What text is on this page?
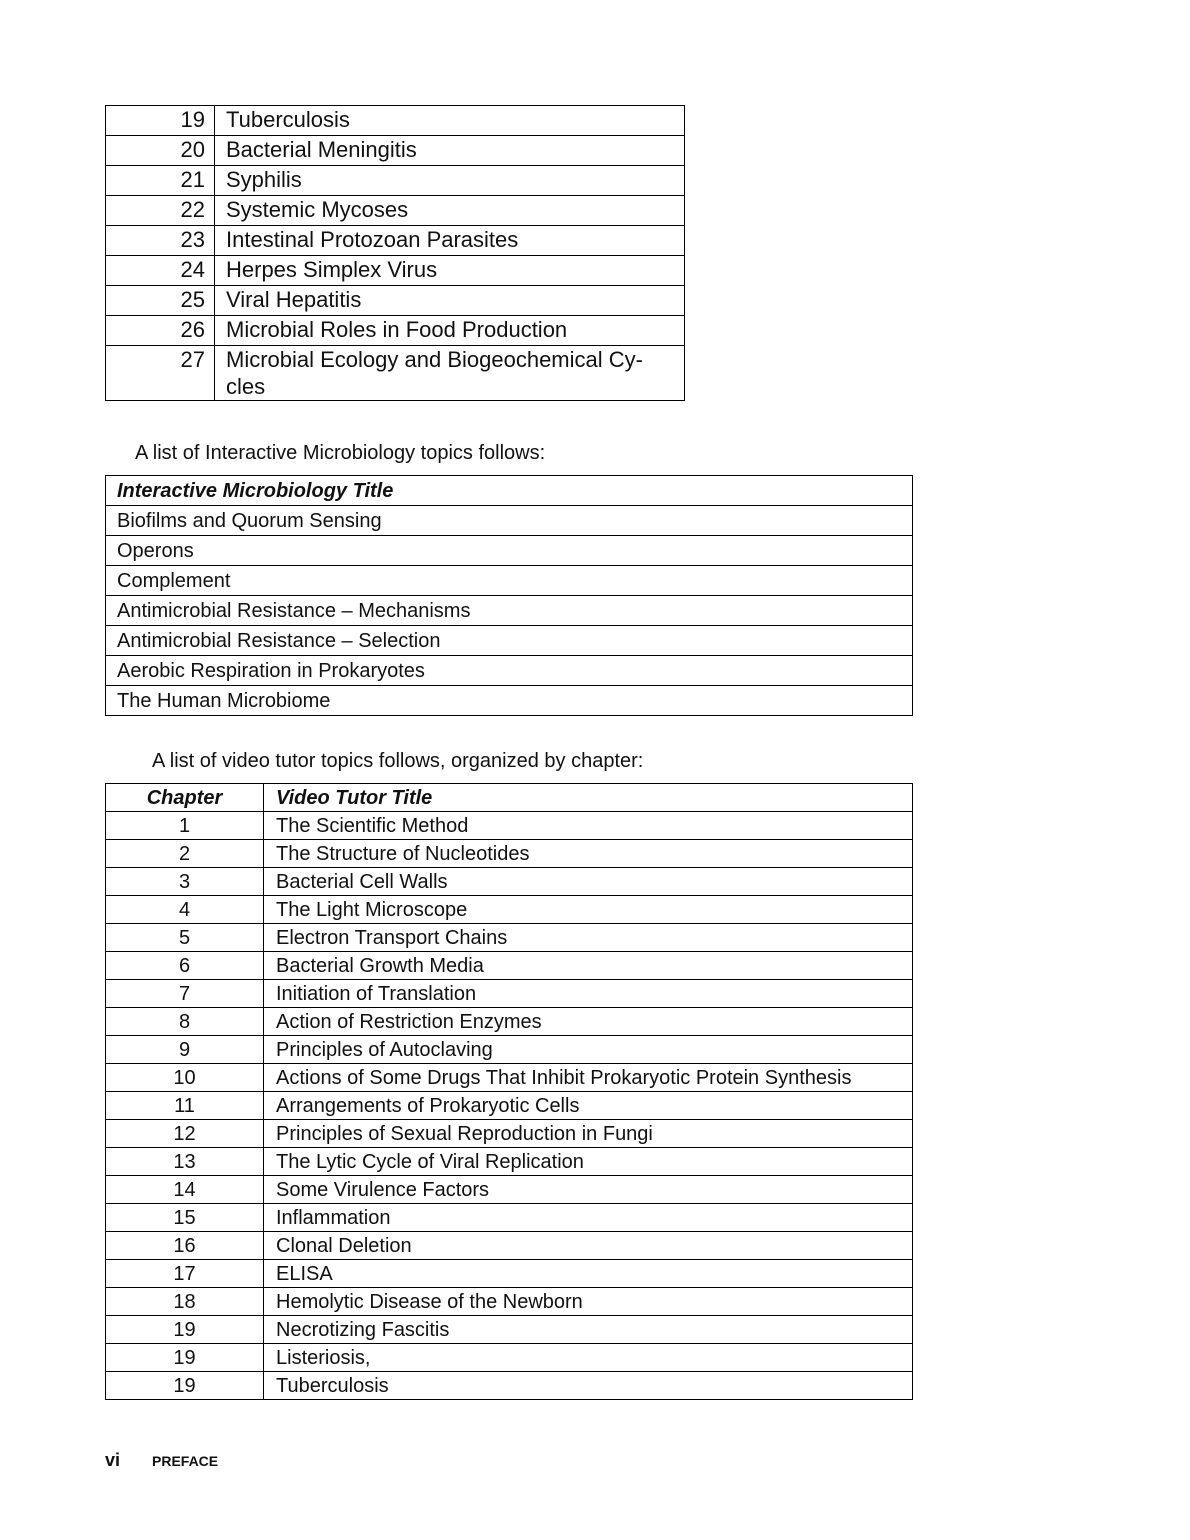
19	Tuberculosis
20	Bacterial Meningitis
21	Syphilis
22	Systemic Mycoses
23	Intestinal Protozoan Parasites
24	Herpes Simplex Virus
25	Viral Hepatitis
26	Microbial Roles in Food Production
27	Microbial Ecology and Biogeochemical Cy-cles
A list of Interactive Microbiology topics follows:
Interactive Microbiology Title
Biofilms and Quorum Sensing
Operons
Complement
Antimicrobial Resistance – Mechanisms
Antimicrobial Resistance – Selection
Aerobic Respiration in Prokaryotes
The Human Microbiome
A list of video tutor topics follows, organized by chapter:
Chapter	Video Tutor Title
1	The Scientific Method
2	The Structure of Nucleotides
3	Bacterial Cell Walls
4	The Light Microscope
5	Electron Transport Chains
6	Bacterial Growth Media
7	Initiation of Translation
8	Action of Restriction Enzymes
9	Principles of Autoclaving
10	Actions of Some Drugs That Inhibit Prokaryotic Protein Synthesis
11	Arrangements of Prokaryotic Cells
12	Principles of Sexual Reproduction in Fungi
13	The Lytic Cycle of Viral Replication
14	Some Virulence Factors
15	Inflammation
16	Clonal Deletion
17	ELISA
18	Hemolytic Disease of the Newborn
19	Necrotizing Fascitis
19	Listeriosis,
19	Tuberculosis
vi	PREFACE
